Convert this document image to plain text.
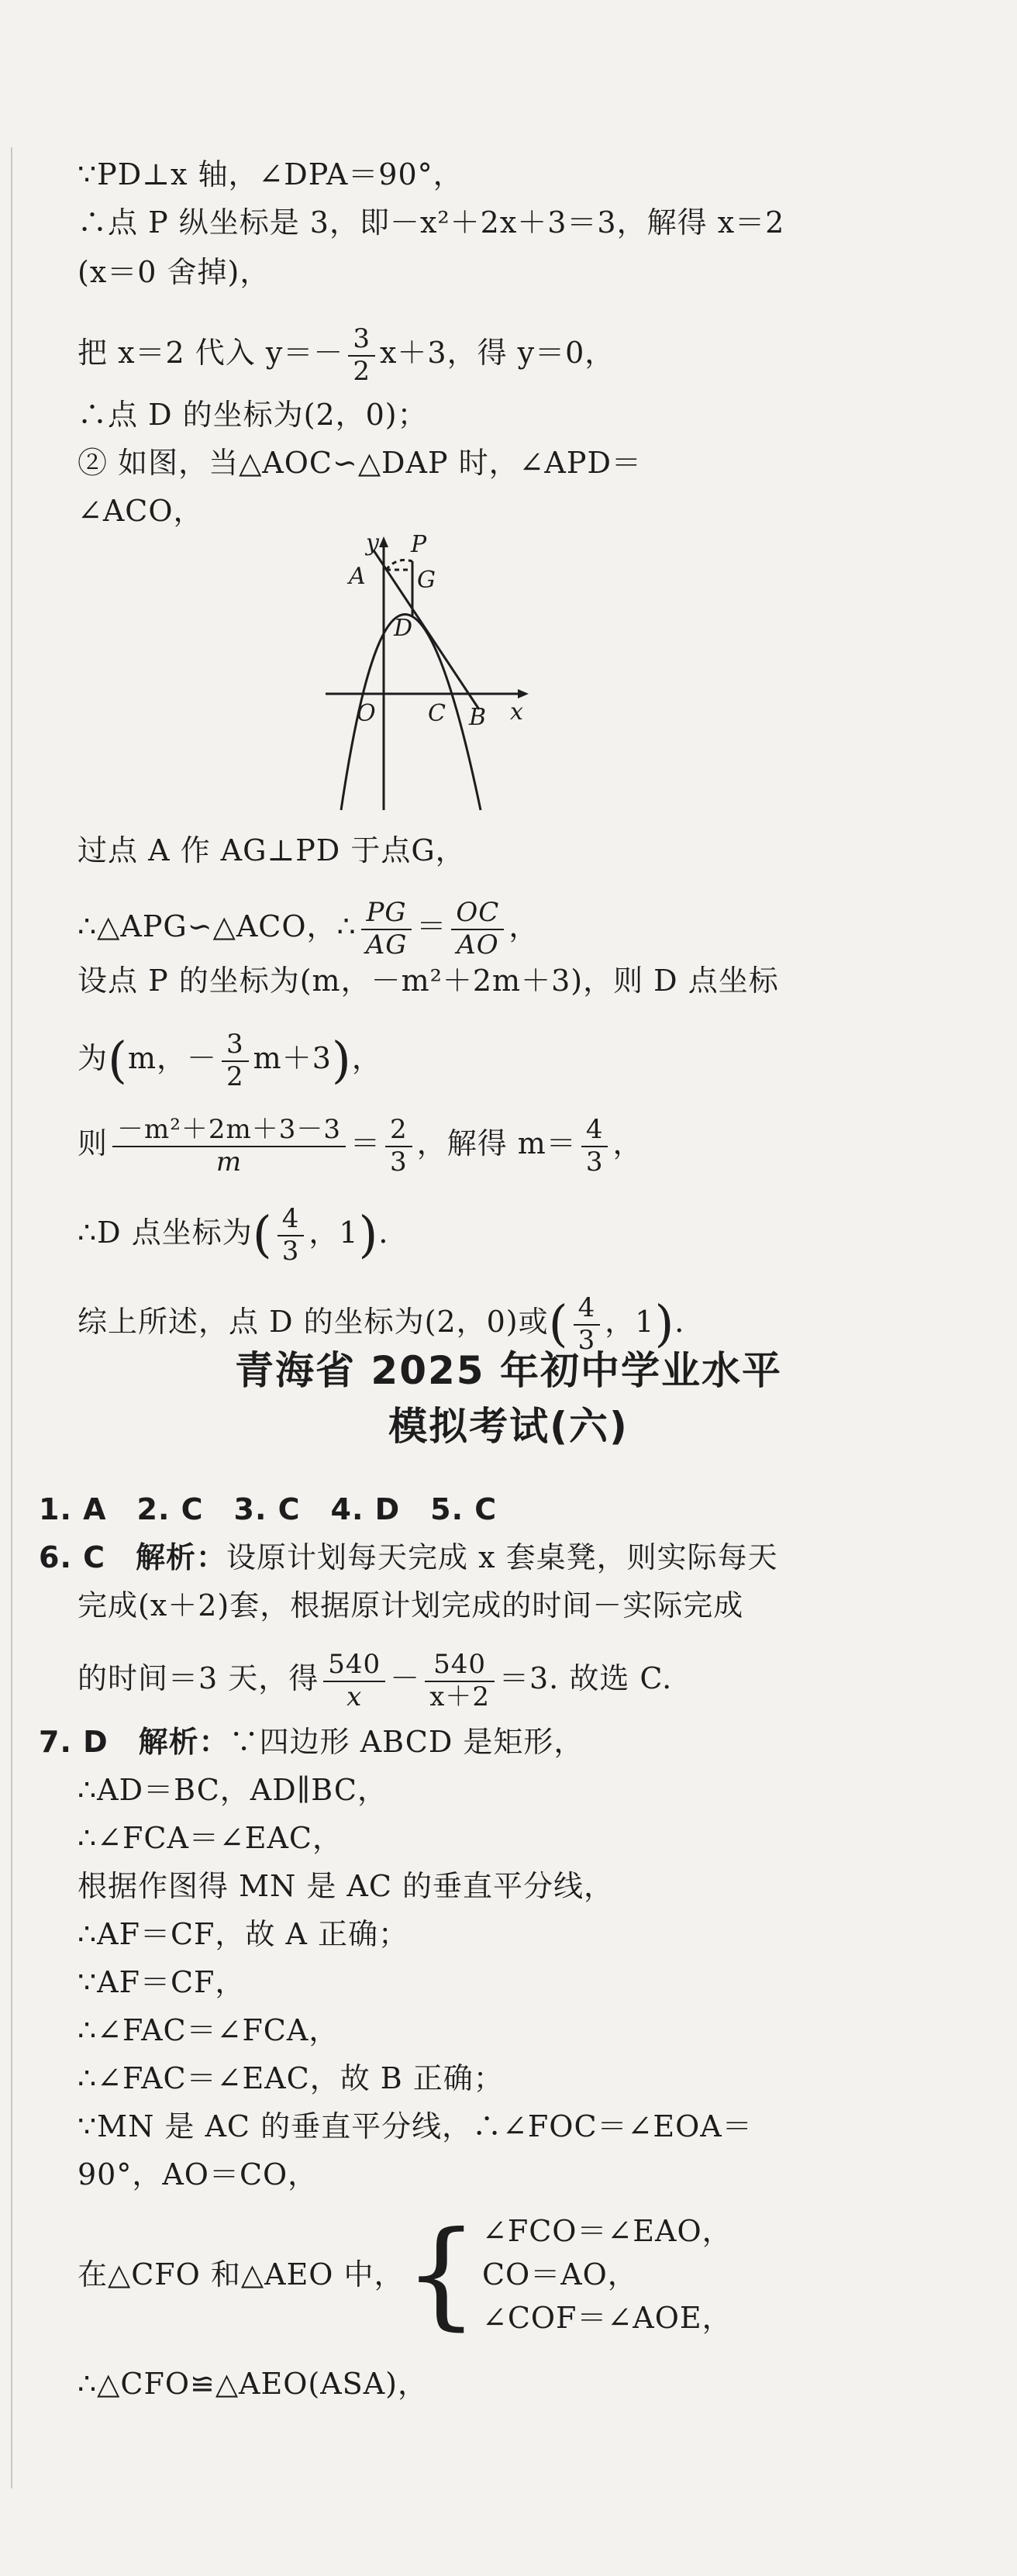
∵PD⊥x 轴，∠DPA＝90°，
∴点 P 纵坐标是 3，即－x²＋2x＋3＝3，解得 x＝2
(x＝0 舍掉)，
把 x＝2 代入 $y=- \frac{3}{2} x+3$，得 y＝0，
∴点 D 的坐标为(2，0)；
② 如图，当△AOC∽△DAP 时，∠APD＝
∠ACO，
y P
A G
D
O C B x
过点 A 作 AG⊥PD 于点G，
∴△APG∽△ACO，∴ $\frac{PG}{AG} = \frac{OC}{AO}$ ，
设点 P 的坐标为(m，－m²＋2m＋3)，则 D 点坐标
为(m，－ $\frac{3}{2} m+3$)，
则 $\frac{\text{－m²＋2m＋3－3}}{m} = \frac{2}{3}$ ，解得 $m= \frac{4}{3}$ ，
∴D 点坐标为( $\frac{4}{3}$ ，1)．
综上所述，点 D 的坐标为(2，0)或( $\frac{4}{3}$ ，1)．
青海省 2025 年初中学业水平
模拟考试(六)
1. A　2. C　3. C　4. D　5. C
6. C　解析：设原计划每天完成 x 套桌凳，则实际每天
完成(x＋2)套，根据原计划完成的时间－实际完成
的时间＝3 天，得 $\frac{540}{x} - \frac{540}{x+2} =3$. 故选 C.
7. D　解析：∵四边形 ABCD 是矩形，
∴AD＝BC，AD∥BC，
∴∠FCA＝∠EAC，
根据作图得 MN 是 AC 的垂直平分线，
∴AF＝CF，故 A 正确；
∵AF＝CF，
∴∠FAC＝∠FCA，
∴∠FAC＝∠EAC，故 B 正确；
∵MN 是 AC 的垂直平分线，∴∠FOC＝∠EOA＝
90°，AO＝CO，
在△CFO 和△AEO 中，{ ∠FCO＝∠EAO，
CO＝AO，
∠COF＝∠AOE，
∴△CFO≌△AEO(ASA)，
